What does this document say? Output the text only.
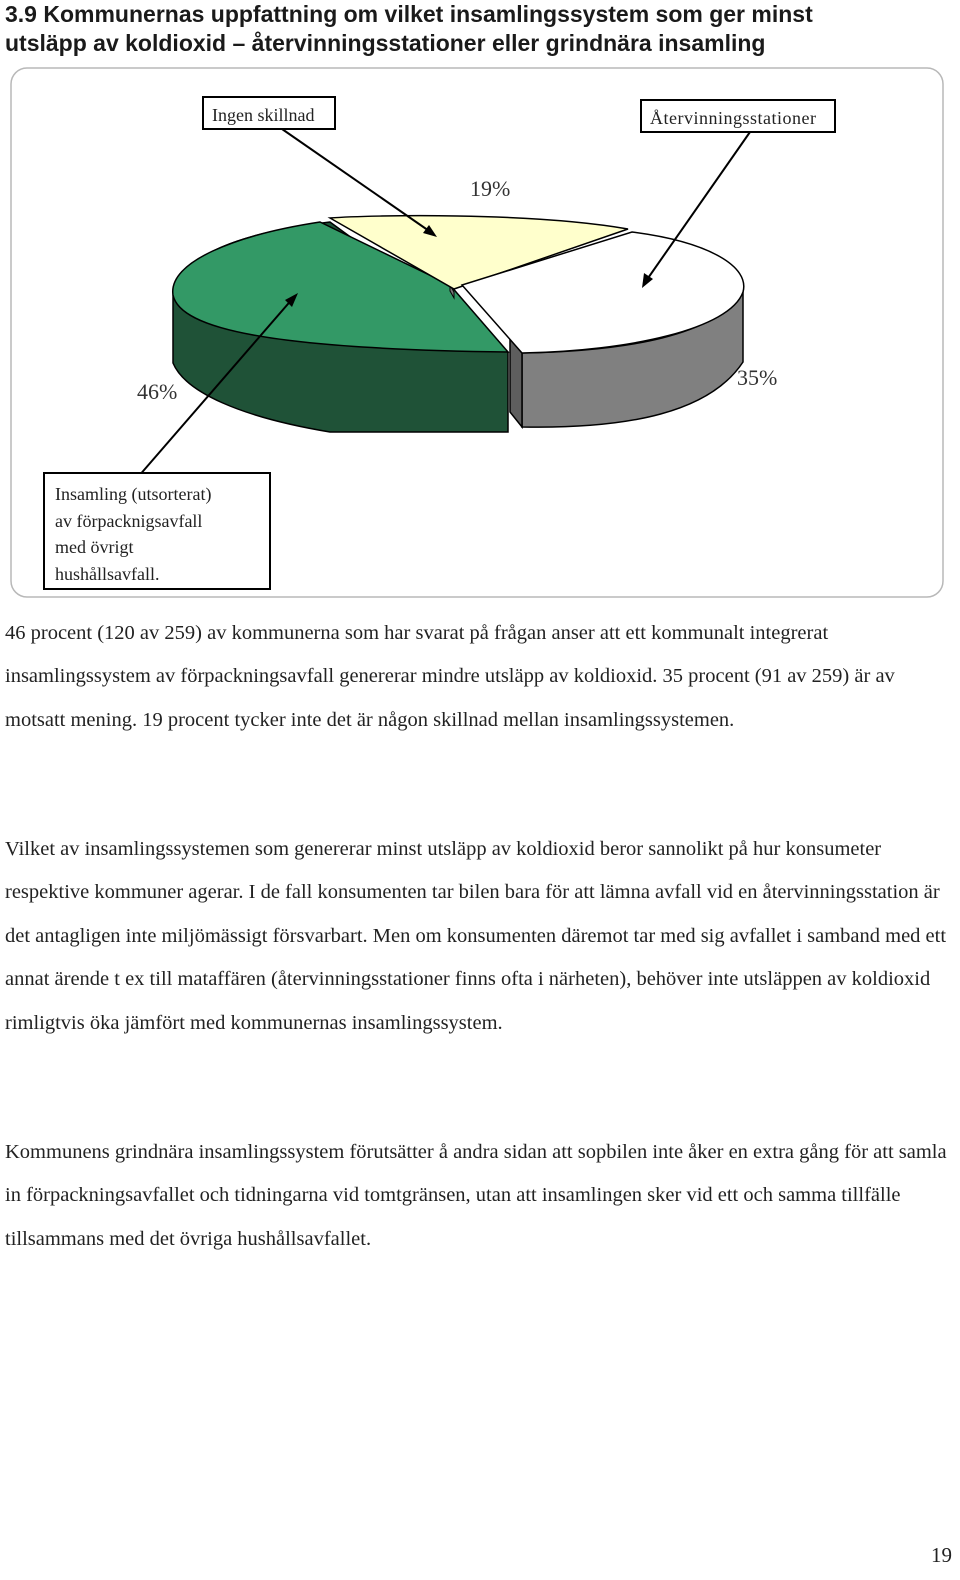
3.9 Kommunernas uppfattning om vilket insamlingssystem som ger minst
utsläpp av koldioxid – återvinningsstationer eller grindnära insamling
Ingen skillnad	Återvinningsstationer
Insamling (utsorterat)
av förpacknigsavfall
med övrigt
hushållsavfall.
19%
35%
46%

46 procent (120 av 259) av kommunerna som har svarat på frågan anser att ett kommunalt integrerat insamlingssystem av förpackningsavfall genererar mindre utsläpp av koldioxid. 35 procent (91 av 259) är av motsatt mening. 19 procent tycker inte det är någon skillnad mellan insamlingssystemen.

Vilket av insamlingssystemen som genererar minst utsläpp av koldioxid beror sannolikt på hur konsumeter respektive kommuner agerar. I de fall konsumenten tar bilen bara för att lämna avfall vid en återvinningsstation är det antagligen inte miljömässigt försvarbart. Men om konsumenten däremot tar med sig avfallet i samband med ett annat ärende t ex till mataffären (återvinningsstationer finns ofta i närheten), behöver inte utsläppen av koldioxid rimligtvis öka jämfört med kommunernas insamlingssystem.

Kommunens grindnära insamlingssystem förutsätter å andra sidan att sopbilen inte åker en extra gång för att samla in förpackningsavfallet och tidningarna vid tomtgränsen, utan att insamlingen sker vid ett och samma tillfälle tillsammans med det övriga hushållsavfallet.

19
